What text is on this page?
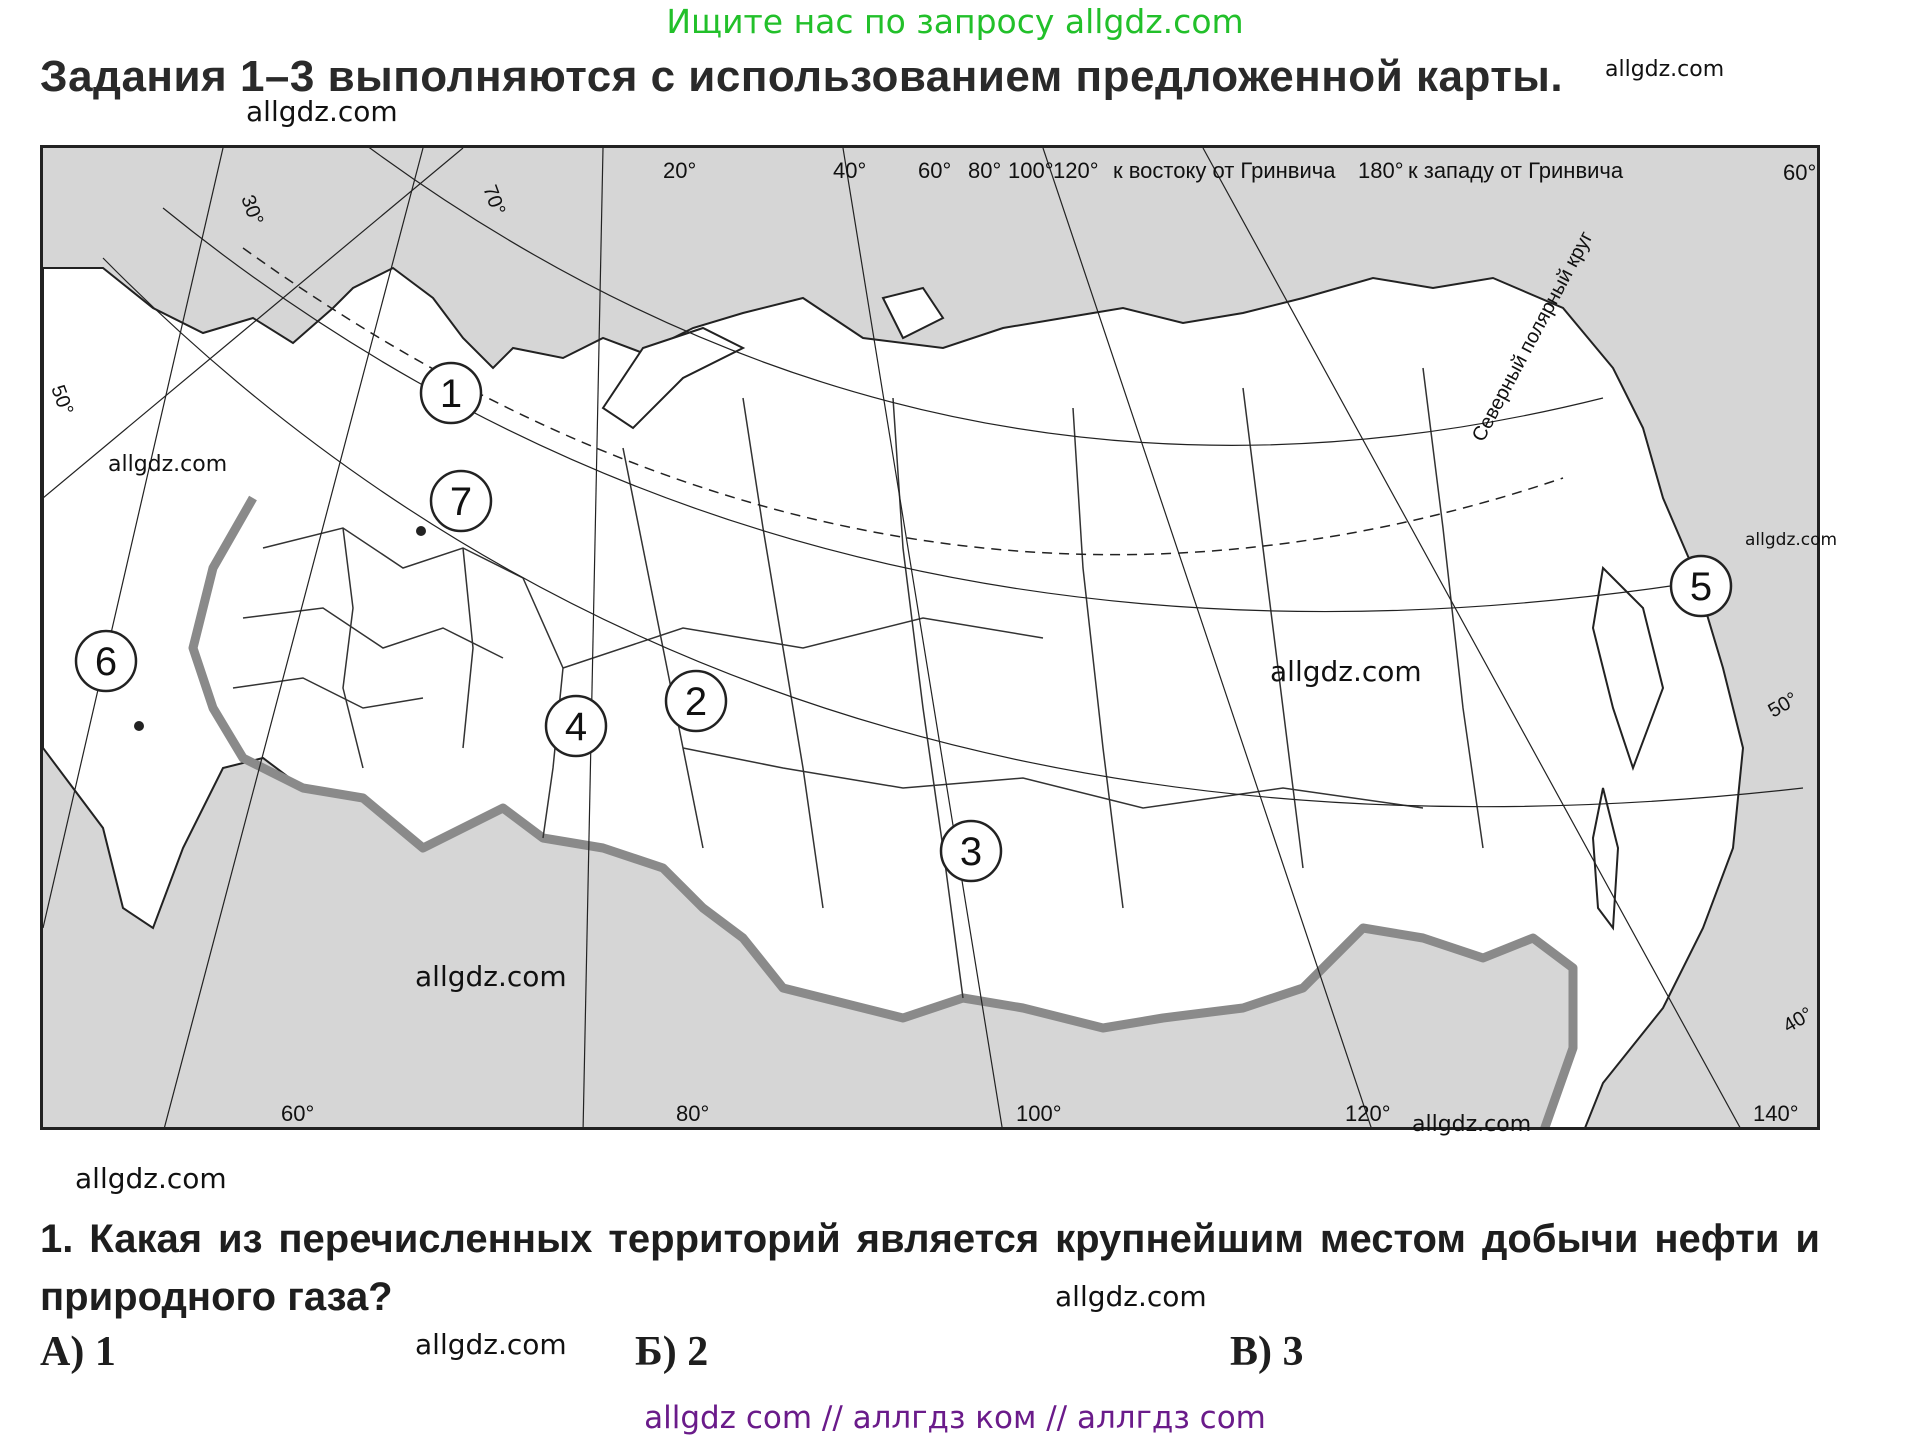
Ищите нас по запросу allgdz.com
Задания 1–3 выполняются с использованием предложенной карты. allgdz.com
allgdz.com
20°	40° 60° 80° 100° 120° к востоку от Гринвича 180° к западу от Гринвича	60°
30°	70°
50°	Северный полярный круг
50°
40°
60°	80°	100°	120°	140°
1
7
6
4
2
3
5
allgdz.com
allgdz.com
allgdz.com
allgdz.com
allgdz.com
allgdz.com
allgdz.com
allgdz.com
1. Какая из перечисленных территорий является крупнейшим местом добычи нефти и природного газа?
А) 1	Б) 2	В) 3
allgdz com // аллгдз ком // аллгдз com
